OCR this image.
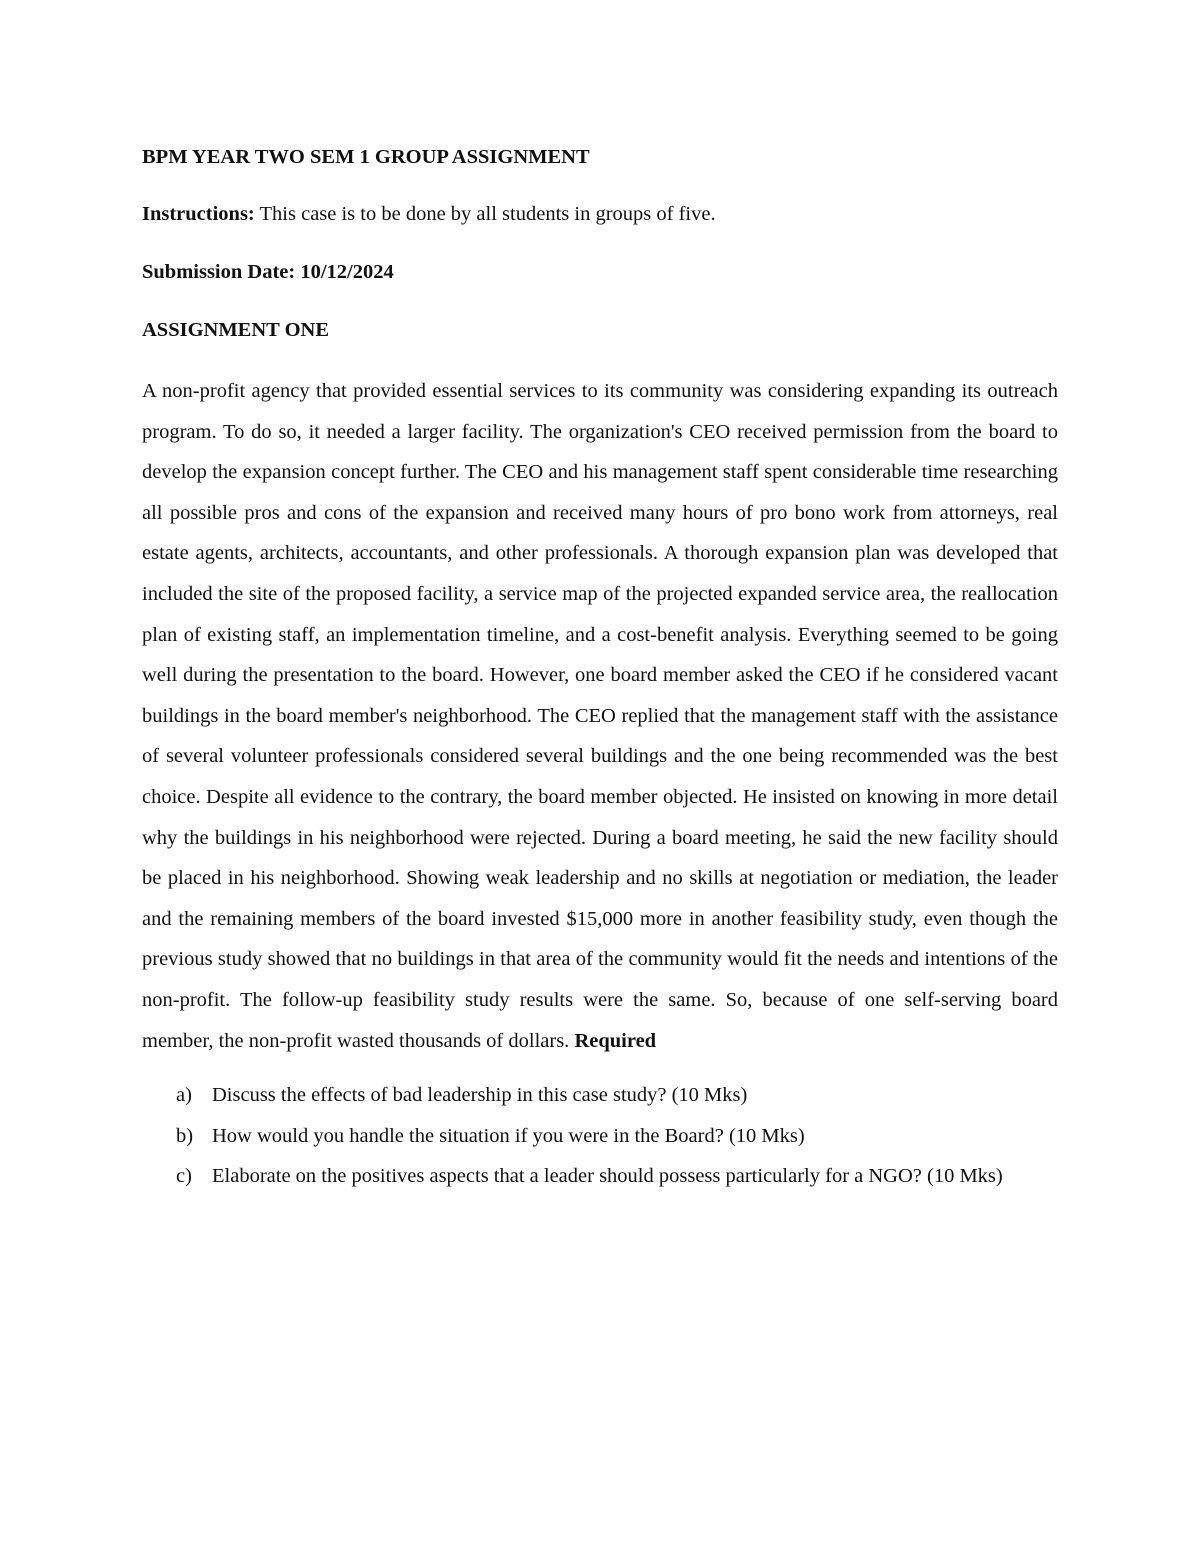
BPM YEAR TWO SEM 1 GROUP ASSIGNMENT

Instructions: This case is to be done by all students in groups of five.

Submission Date: 10/12/2024

ASSIGNMENT ONE

A non-profit agency that provided essential services to its community was considering expanding its outreach program. To do so, it needed a larger facility. The organization's CEO received permission from the board to develop the expansion concept further. The CEO and his management staff spent considerable time researching all possible pros and cons of the expansion and received many hours of pro bono work from attorneys, real estate agents, architects, accountants, and other professionals. A thorough expansion plan was developed that included the site of the proposed facility, a service map of the projected expanded service area, the reallocation plan of existing staff, an implementation timeline, and a cost-benefit analysis. Everything seemed to be going well during the presentation to the board. However, one board member asked the CEO if he considered vacant buildings in the board member's neighborhood. The CEO replied that the management staff with the assistance of several volunteer professionals considered several buildings and the one being recommended was the best choice. Despite all evidence to the contrary, the board member objected. He insisted on knowing in more detail why the buildings in his neighborhood were rejected. During a board meeting, he said the new facility should be placed in his neighborhood. Showing weak leadership and no skills at negotiation or mediation, the leader and the remaining members of the board invested $15,000 more in another feasibility study, even though the previous study showed that no buildings in that area of the community would fit the needs and intentions of the non-profit. The follow-up feasibility study results were the same. So, because of one self-serving board member, the non-profit wasted thousands of dollars. Required

a) Discuss the effects of bad leadership in this case study? (10 Mks)
b) How would you handle the situation if you were in the Board? (10 Mks)
c) Elaborate on the positives aspects that a leader should possess particularly for a NGO? (10 Mks)
